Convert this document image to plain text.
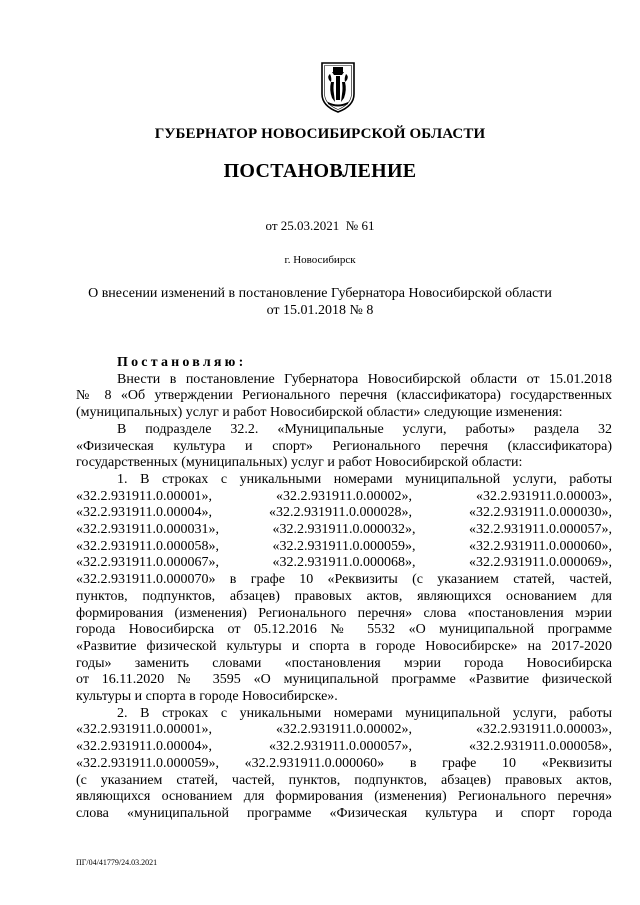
ГУБЕРНАТОР НОВОСИБИРСКОЙ ОБЛАСТИ
ПОСТАНОВЛЕНИЕ
от 25.03.2021  № 61
г. Новосибирск
О внесении изменений в постановление Губернатора Новосибирской области
от 15.01.2018 № 8
Постановляю:

Внести в постановление Губернатора Новосибирской области от 15.01.2018

№ 8 «Об утверждении Регионального перечня (классификатора) государственных

(муниципальных) услуг и работ Новосибирской области» следующие изменения:

В подразделе 32.2. «Муниципальные услуги, работы» раздела 32

«Физическая культура и спорт» Регионального перечня (классификатора)

государственных (муниципальных) услуг и работ Новосибирской области:

1. В строках с уникальными номерами муниципальной услуги, работы

«32.2.931911.0.00001», «32.2.931911.0.00002», «32.2.931911.0.00003»,

«32.2.931911.0.00004», «32.2.931911.0.000028», «32.2.931911.0.000030»,

«32.2.931911.0.000031», «32.2.931911.0.000032», «32.2.931911.0.000057»,

«32.2.931911.0.000058», «32.2.931911.0.000059», «32.2.931911.0.000060»,

«32.2.931911.0.000067», «32.2.931911.0.000068», «32.2.931911.0.000069»,

«32.2.931911.0.000070» в графе 10 «Реквизиты (с указанием статей, частей,

пунктов, подпунктов, абзацев) правовых актов, являющихся основанием для

формирования (изменения) Регионального перечня» слова «постановления мэрии

города Новосибирска от 05.12.2016 № 5532 «О муниципальной программе

«Развитие физической культуры и спорта в городе Новосибирске» на 2017-2020

годы» заменить словами «постановления мэрии города Новосибирска

от 16.11.2020 № 3595 «О муниципальной программе «Развитие физической

культуры и спорта в городе Новосибирске».

2. В строках с уникальными номерами муниципальной услуги, работы

«32.2.931911.0.00001», «32.2.931911.0.00002», «32.2.931911.0.00003»,

«32.2.931911.0.00004», «32.2.931911.0.000057», «32.2.931911.0.000058»,

«32.2.931911.0.000059», «32.2.931911.0.000060» в графе 10 «Реквизиты

(с указанием статей, частей, пунктов, подпунктов, абзацев) правовых актов,

являющихся основанием для формирования (изменения) Регионального перечня»

слова «муниципальной программе «Физическая культура и спорт города

ПГ/04/41779/24.03.2021
